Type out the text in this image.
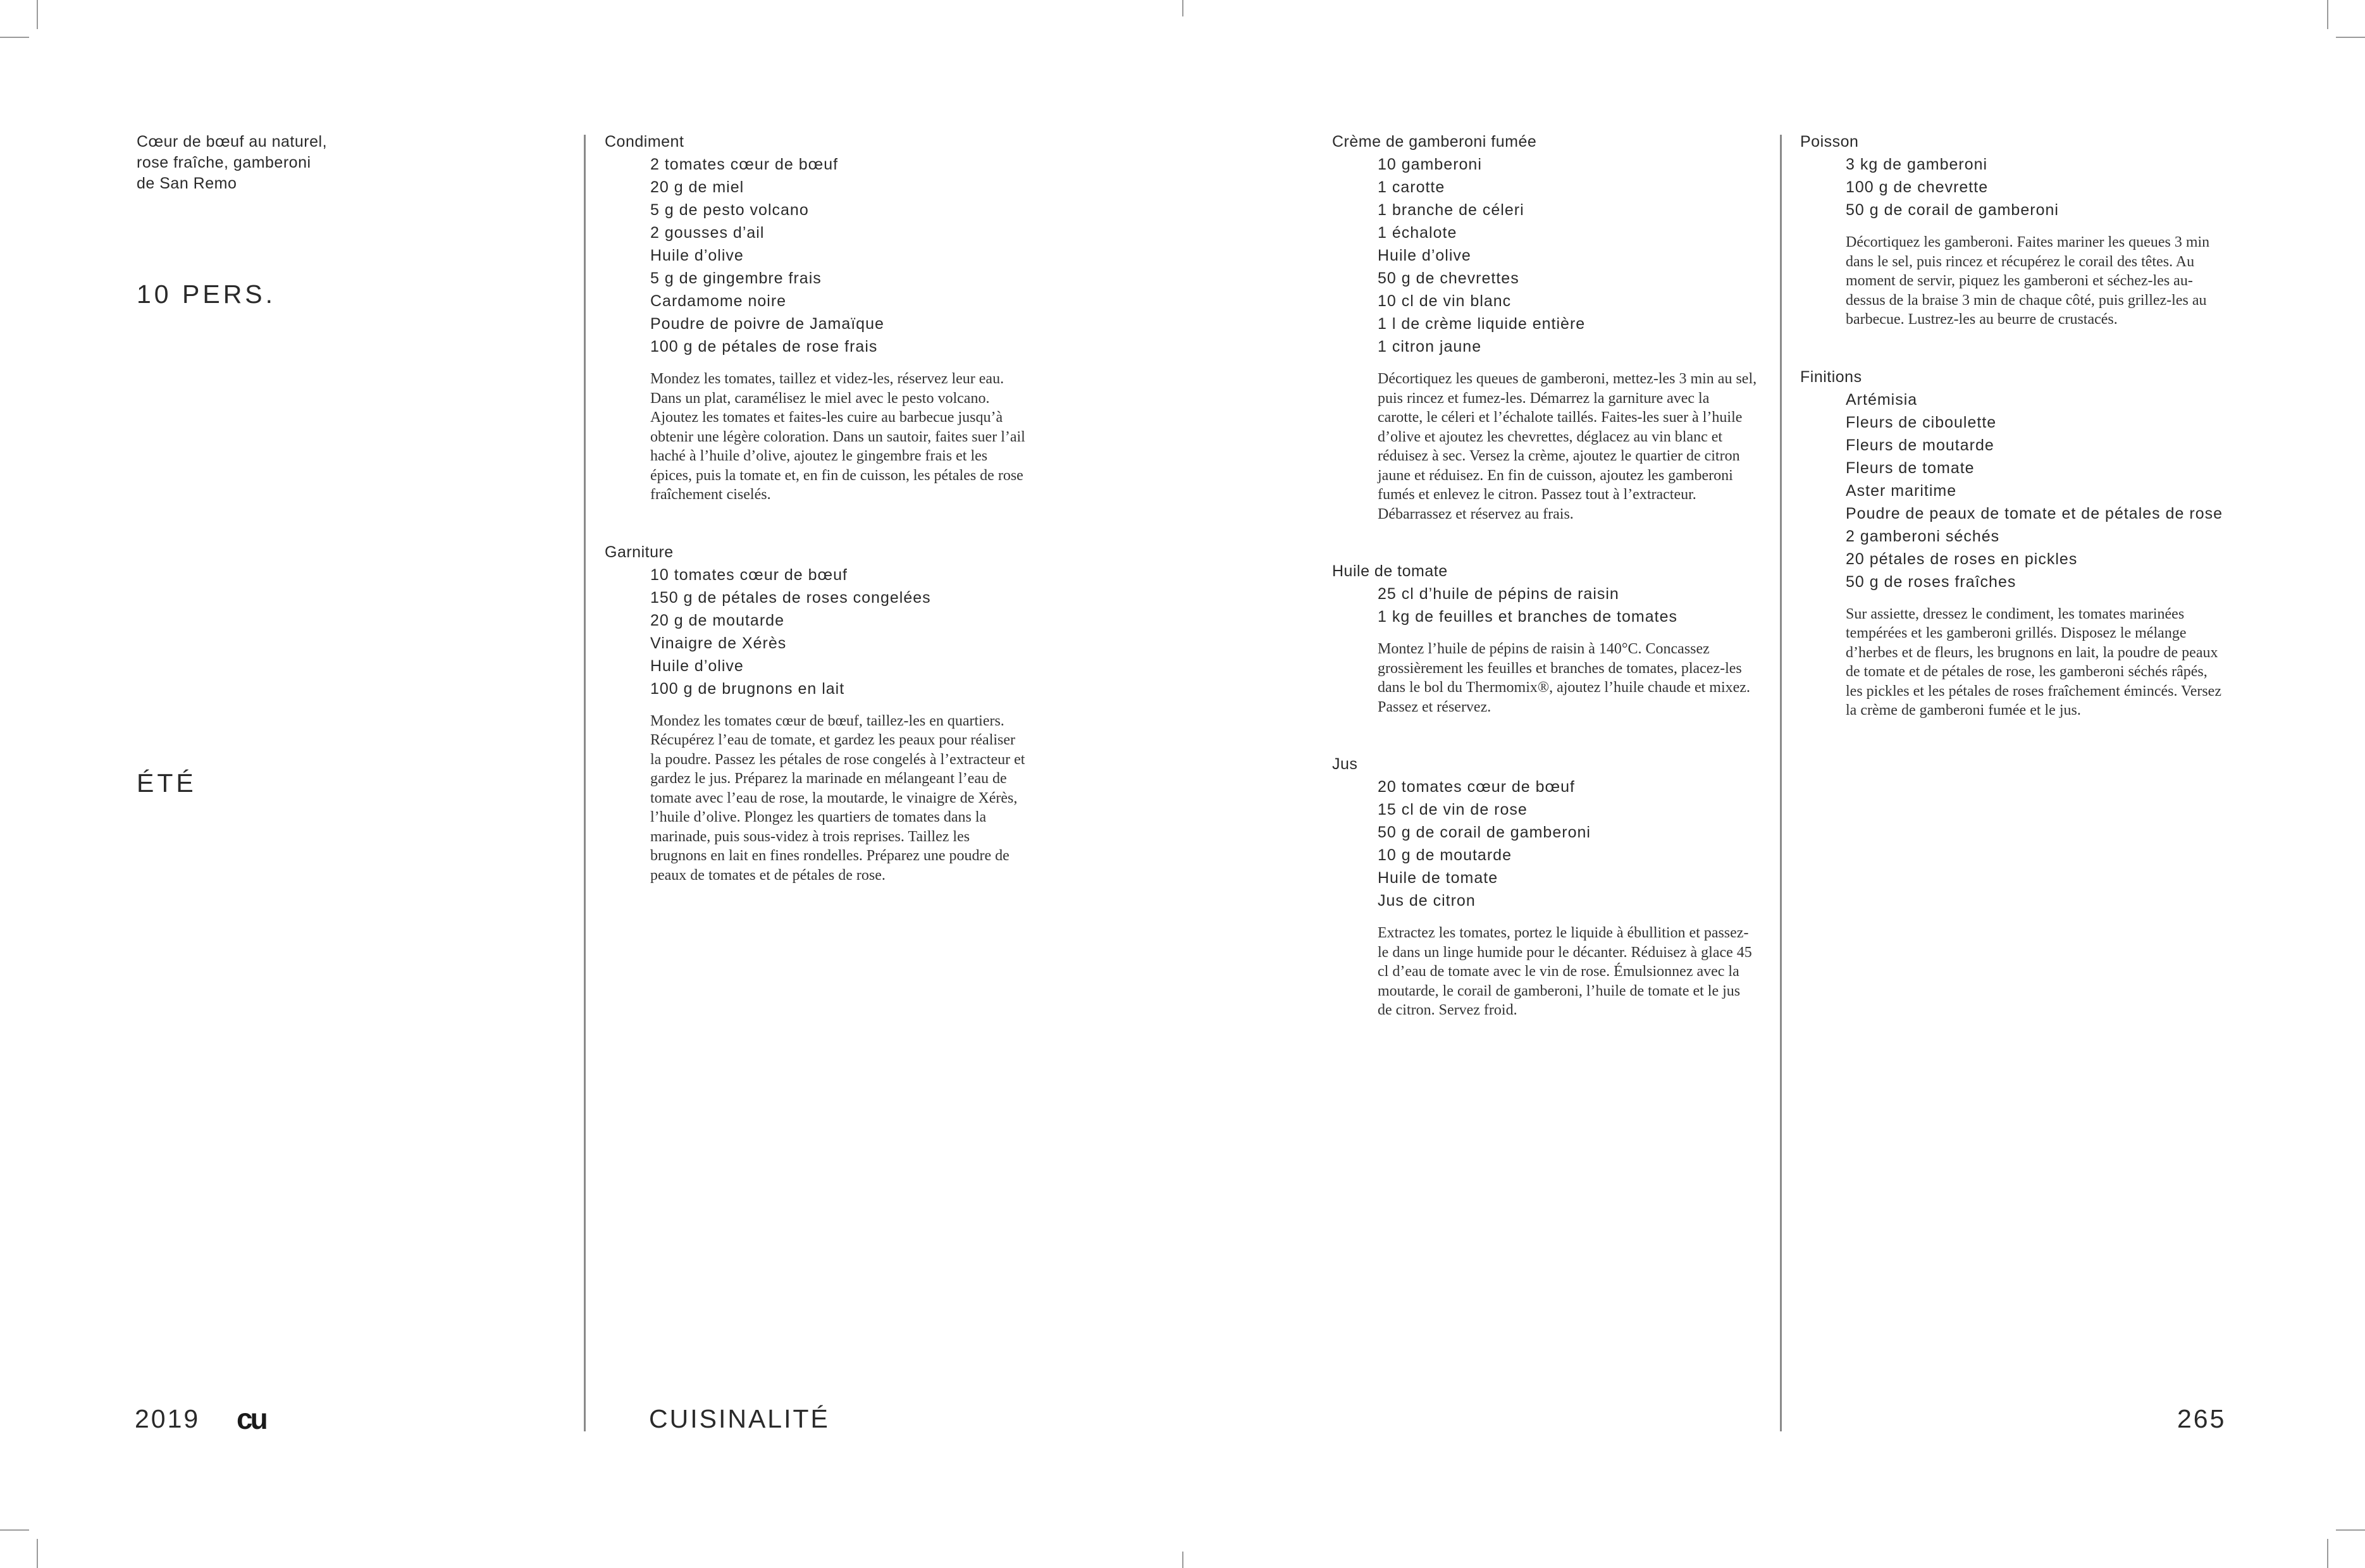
Cœur de bœuf au naturel,
rose fraîche, gamberoni
de San Remo
10 PERS.
ÉTÉ
Condiment
2 tomates cœur de bœuf
20 g de miel
5 g de pesto volcano
2 gousses d’ail
Huile d’olive
5 g de gingembre frais
Cardamome noire
Poudre de poivre de Jamaïque
100 g de pétales de rose frais

Mondez les tomates, taillez et videz-les, réservez leur eau. Dans un plat, caramélisez le miel avec le pesto volcano. Ajoutez les tomates et faites-les cuire au barbecue jusqu’à obtenir une légère coloration. Dans un sautoir, faites suer l’ail haché à l’huile d’olive, ajoutez le gingembre frais et les épices, puis la tomate et, en fin de cuisson, les pétales de rose fraîchement ciselés.

Garniture
10 tomates cœur de bœuf
150 g de pétales de roses congelées
20 g de moutarde
Vinaigre de Xérès
Huile d’olive
100 g de brugnons en lait

Mondez les tomates cœur de bœuf, taillez-les en quartiers. Récupérez l’eau de tomate, et gardez les peaux pour réaliser la poudre. Passez les pétales de rose congelés à l’extracteur et gardez le jus. Préparez la marinade en mélangeant l’eau de tomate avec l’eau de rose, la moutarde, le vinaigre de Xérès, l’huile d’olive. Plongez les quartiers de tomates dans la marinade, puis sous-videz à trois reprises. Taillez les brugnons en lait en fines rondelles. Préparez une poudre de peaux de tomates et de pétales de rose.

Crème de gamberoni fumée
10 gamberoni
1 carotte
1 branche de céleri
1 échalote
Huile d’olive
50 g de chevrettes
10 cl de vin blanc
1 l de crème liquide entière
1 citron jaune

Décortiquez les queues de gamberoni, mettez-les 3 min au sel, puis rincez et fumez-les. Démarrez la garniture avec la carotte, le céleri et l’échalote taillés. Faites-les suer à l’huile d’olive et ajoutez les chevrettes, déglacez au vin blanc et réduisez à sec. Versez la crème, ajoutez le quartier de citron jaune et réduisez. En fin de cuisson, ajoutez les gamberoni fumés et enlevez le citron. Passez tout à l’extracteur. Débarrassez et réservez au frais.

Huile de tomate
25 cl d’huile de pépins de raisin
1 kg de feuilles et branches de tomates

Montez l’huile de pépins de raisin à 140°C. Concassez grossièrement les feuilles et branches de tomates, placez-les dans le bol du Thermomix®, ajoutez l’huile chaude et mixez. Passez et réservez.

Jus
20 tomates cœur de bœuf
15 cl de vin de rose
50 g de corail de gamberoni
10 g de moutarde
Huile de tomate
Jus de citron

Extractez les tomates, portez le liquide à ébullition et passez-le dans un linge humide pour le décanter. Réduisez à glace 45 cl d’eau de tomate avec le vin de rose. Émulsionnez avec la moutarde, le corail de gamberoni, l’huile de tomate et le jus de citron. Servez froid.

Poisson
3 kg de gamberoni
100 g de chevrette
50 g de corail de gamberoni

Décortiquez les gamberoni. Faites mariner les queues 3 min dans le sel, puis rincez et récupérez le corail des têtes. Au moment de servir, piquez les gamberoni et séchez-les au-dessus de la braise 3 min de chaque côté, puis grillez-les au barbecue. Lustrez-les au beurre de crustacés.

Finitions
Artémisia
Fleurs de ciboulette
Fleurs de moutarde
Fleurs de tomate
Aster maritime
Poudre de peaux de tomate et de pétales de rose
2 gamberoni séchés
20 pétales de roses en pickles
50 g de roses fraîches

Sur assiette, dressez le condiment, les tomates marinées tempérées et les gamberoni grillés. Disposez le mélange d’herbes et de fleurs, les brugnons en lait, la poudre de peaux de tomate et de pétales de rose, les gamberoni séchés râpés, les pickles et les pétales de roses fraîchement émincés. Versez la crème de gamberoni fumée et le jus.

2019 cu	CUISINALITÉ	265
